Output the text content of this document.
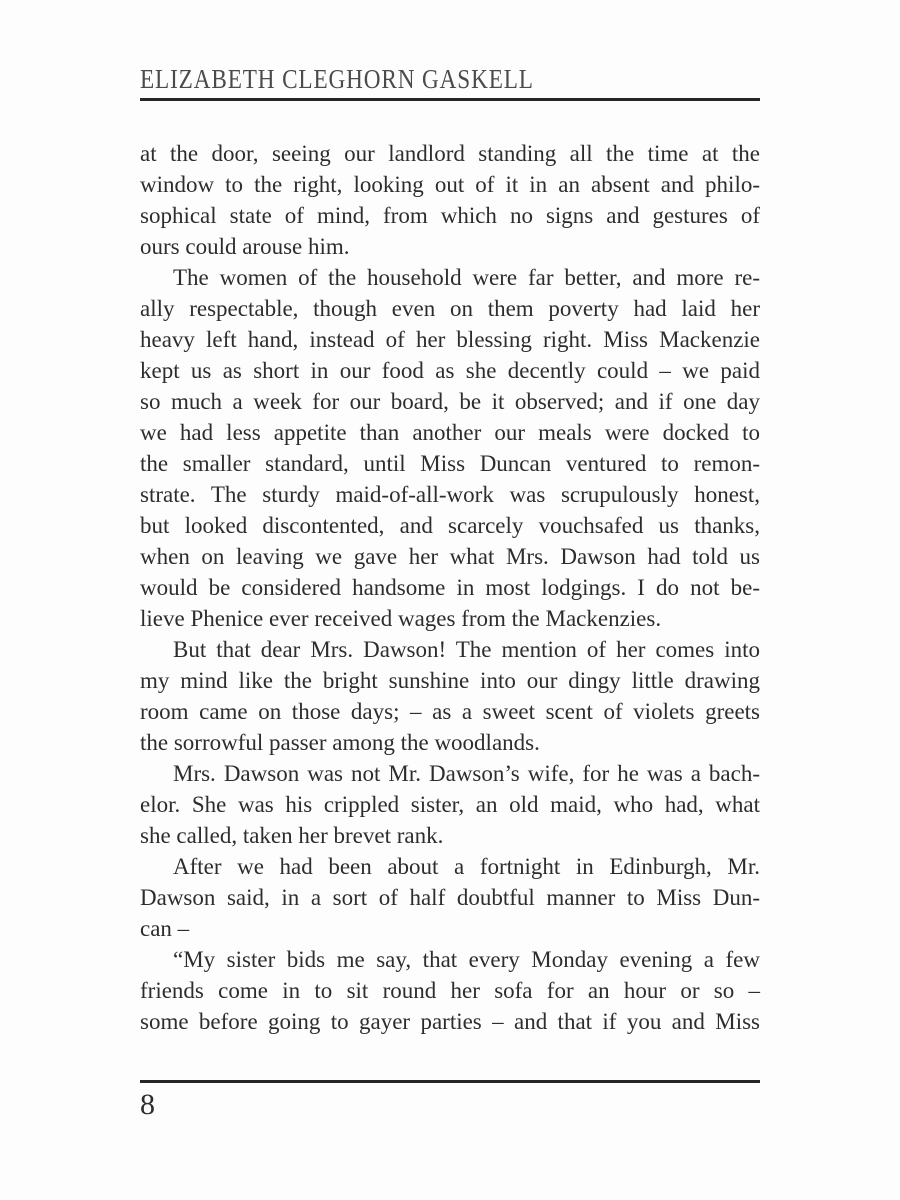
ELIZABETH CLEGHORN GASKELL
at the door, seeing our landlord standing all the time at the
window to the right, looking out of it in an absent and philo-
sophical state of mind, from which no signs and gestures of
ours could arouse him.
The women of the household were far better, and more re-
ally respectable, though even on them poverty had laid her
heavy left hand, instead of her blessing right. Miss Mackenzie
kept us as short in our food as she decently could – we paid
so much a week for our board, be it observed; and if one day
we had less appetite than another our meals were docked to
the smaller standard, until Miss Duncan ventured to remon-
strate. The sturdy maid-of-all-work was scrupulously honest,
but looked discontented, and scarcely vouchsafed us thanks,
when on leaving we gave her what Mrs. Dawson had told us
would be considered handsome in most lodgings. I do not be-
lieve Phenice ever received wages from the Mackenzies.
But that dear Mrs. Dawson! The mention of her comes into
my mind like the bright sunshine into our dingy little drawing
room came on those days; – as a sweet scent of violets greets
the sorrowful passer among the woodlands.
Mrs. Dawson was not Mr. Dawson’s wife, for he was a bach-
elor. She was his crippled sister, an old maid, who had, what
she called, taken her brevet rank.
After we had been about a fortnight in Edinburgh, Mr.
Dawson said, in a sort of half doubtful manner to Miss Dun-
can –
“My sister bids me say, that every Monday evening a few
friends come in to sit round her sofa for an hour or so –
some before going to gayer parties – and that if you and Miss
8
